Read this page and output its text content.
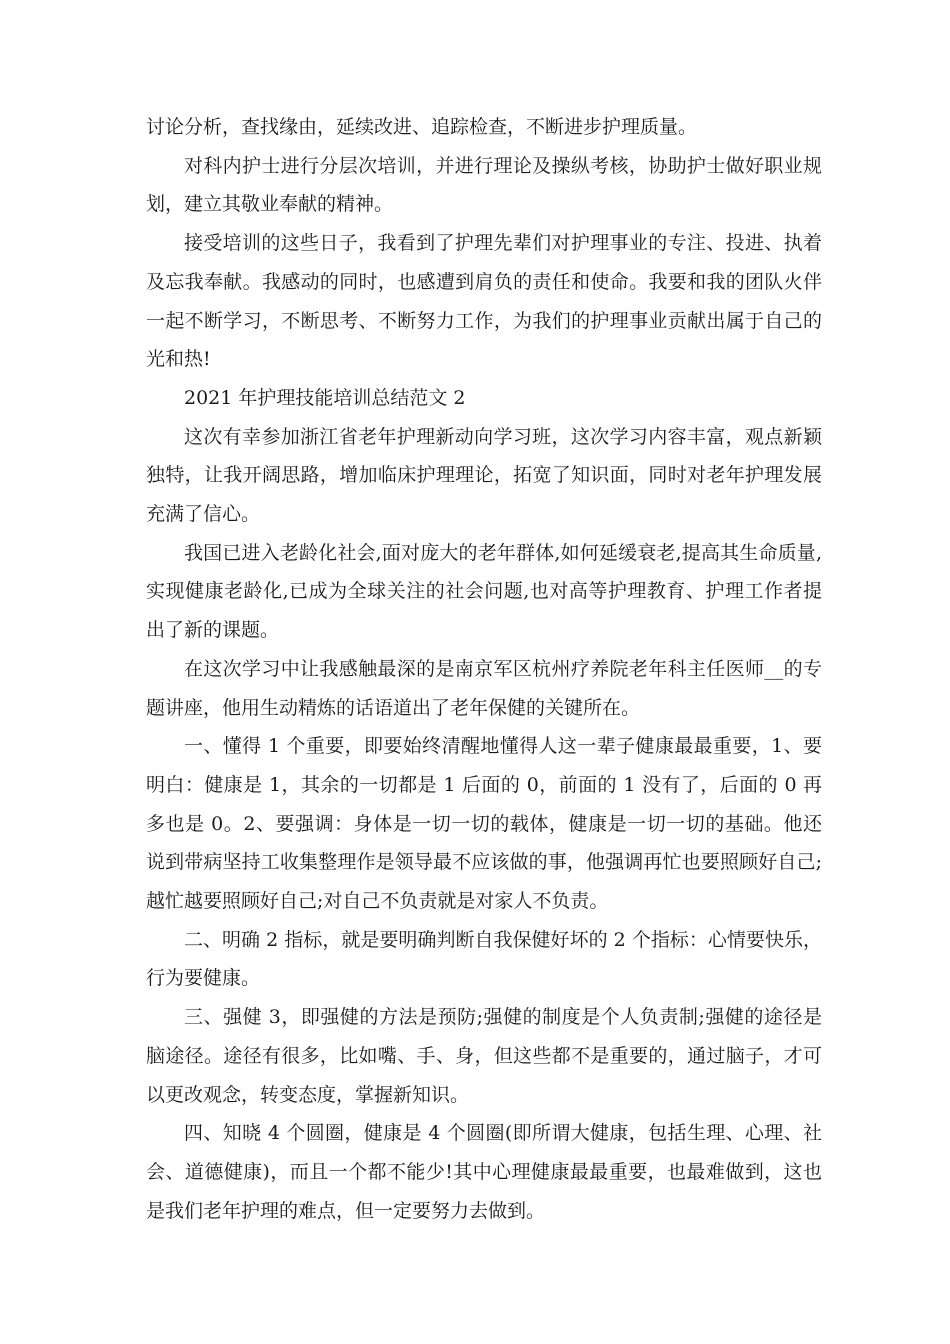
讨论分析，查找缘由，延续改进、追踪检查，不断进步护理质量。

对科内护士进行分层次培训，并进行理论及操纵考核，协助护士做好职业规划，建立其敬业奉献的精神。

接受培训的这些日子，我看到了护理先辈们对护理事业的专注、投进、执着及忘我奉献。我感动的同时，也感遭到肩负的责任和使命。我要和我的团队火伴一起不断学习，不断思考、不断努力工作，为我们的护理事业贡献出属于自己的光和热!

2021 年护理技能培训总结范文 2

这次有幸参加浙江省老年护理新动向学习班，这次学习内容丰富，观点新颖独特，让我开阔思路，增加临床护理理论，拓宽了知识面，同时对老年护理发展充满了信心。

我国已进入老龄化社会,面对庞大的老年群体,如何延缓衰老,提高其生命质量,实现健康老龄化,已成为全球关注的社会问题,也对高等护理教育、护理工作者提出了新的课题。

在这次学习中让我感触最深的是南京军区杭州疗养院老年科主任医师__的专题讲座，他用生动精炼的话语道出了老年保健的关键所在。

一、懂得 1 个重要，即要始终清醒地懂得人这一辈子健康最最重要，1、要明白：健康是 1，其余的一切都是 1 后面的 0，前面的 1 没有了，后面的 0 再多也是 0。2、要强调：身体是一切一切的载体，健康是一切一切的基础。他还说到带病坚持工收集整理作是领导最不应该做的事，他强调再忙也要照顾好自己;越忙越要照顾好自己;对自己不负责就是对家人不负责。

二、明确 2 指标，就是要明确判断自我保健好坏的 2 个指标：心情要快乐，行为要健康。

三、强健 3，即强健的方法是预防;强健的制度是个人负责制;强健的途径是脑途径。途径有很多，比如嘴、手、身，但这些都不是重要的，通过脑子，才可以更改观念，转变态度，掌握新知识。

四、知晓 4 个圆圈，健康是 4 个圆圈(即所谓大健康，包括生理、心理、社会、道德健康)，而且一个都不能少!其中心理健康最最重要，也最难做到，这也是我们老年护理的难点，但一定要努力去做到。
